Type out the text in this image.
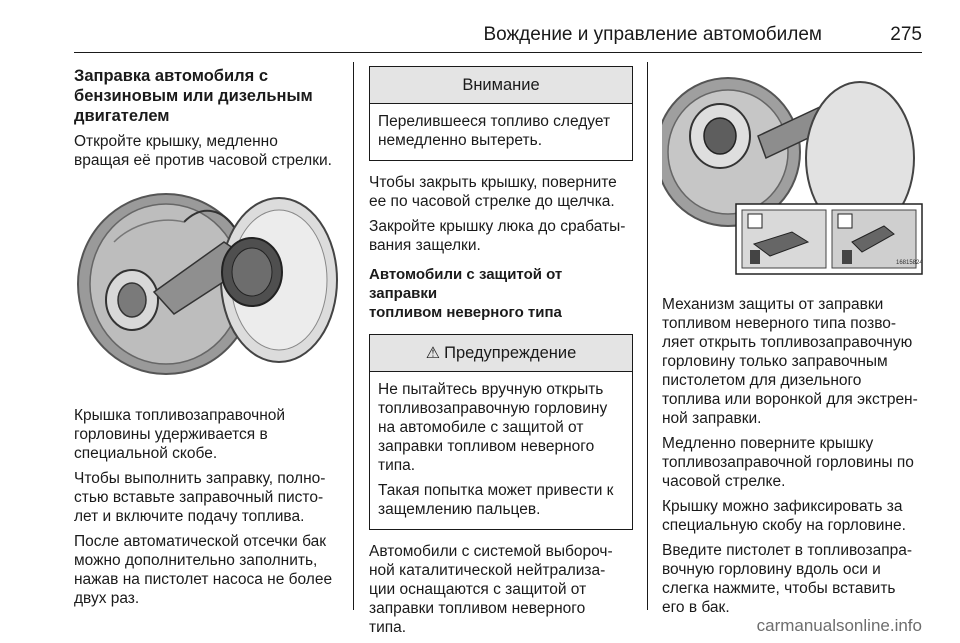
Вождение и управление автомобилем	275
Заправка автомобиля с
бензиновым или дизельным
двигателем

Откройте крышку, медленно
вращая её против часовой стрелки.

Крышка топливозаправочной
горловины удерживается в
специальной скобе.

Чтобы выполнить заправку, полно-
стью вставьте заправочный писто-
лет и включите подачу топлива.

После автоматической отсечки бак
можно дополнительно заполнить,
нажав на пистолет насоса не более
двух раз.

Внимание

Перелившееся топливо следует
немедленно вытереть.

Чтобы закрыть крышку, поверните
ее по часовой стрелке до щелчка.

Закройте крышку люка до срабаты-
вания защелки.

Автомобили с защитой от заправки
топливом неверного типа
⚠ Предупреждение

Не пытайтесь вручную открыть
топливозаправочную горловину
на автомобиле с защитой от
заправки топливом неверного
типа.

Такая попытка может привести к
защемлению пальцев.

Автомобили с системой выбороч-
ной каталитической нейтрализа-
ции оснащаются с защитой от
заправки топливом неверного
типа.

16815824

Механизм защиты от заправки
топливом неверного типа позво-
ляет открыть топливозаправочную
горловину только заправочным
пистолетом для дизельного
топлива или воронкой для экстрен-
ной заправки.

Медленно поверните крышку
топливозаправочной горловины по
часовой стрелке.

Крышку можно зафиксировать за
специальную скобу на горловине.

Введите пистолет в топливозапра-
вочную горловину вдоль оси и
слегка нажмите, чтобы вставить
его в бак.

carmanualsonline.info
